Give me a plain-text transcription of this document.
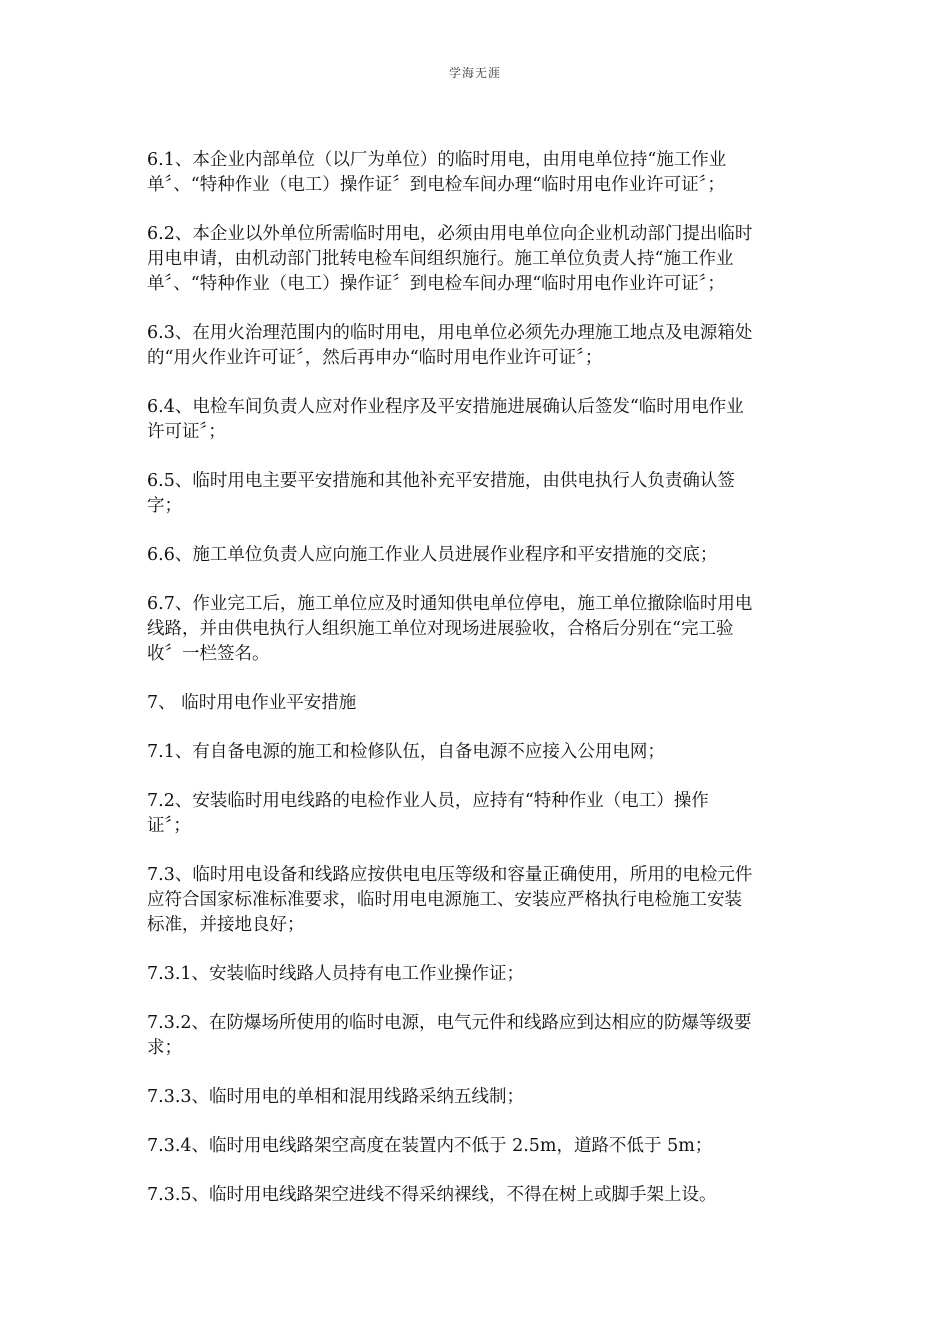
学海无涯

6.1、本企业内部单位（以厂为单位）的临时用电，由用电单位持“施工作业
单〞、“特种作业（电工）操作证〞到电检车间办理“临时用电作业许可证〞；

6.2、本企业以外单位所需临时用电，必须由用电单位向企业机动部门提出临时
用电申请，由机动部门批转电检车间组织施行。施工单位负责人持“施工作业
单〞、“特种作业（电工）操作证〞到电检车间办理“临时用电作业许可证〞；

6.3、在用火治理范围内的临时用电，用电单位必须先办理施工地点及电源箱处
的“用火作业许可证〞，然后再申办“临时用电作业许可证〞；

6.4、电检车间负责人应对作业程序及平安措施进展确认后签发“临时用电作业
许可证〞；

6.5、临时用电主要平安措施和其他补充平安措施，由供电执行人负责确认签
字；

6.6、施工单位负责人应向施工作业人员进展作业程序和平安措施的交底；

6.7、作业完工后，施工单位应及时通知供电单位停电，施工单位撤除临时用电
线路，并由供电执行人组织施工单位对现场进展验收，合格后分别在“完工验
收〞一栏签名。

7、 临时用电作业平安措施

7.1、有自备电源的施工和检修队伍，自备电源不应接入公用电网；

7.2、安装临时用电线路的电检作业人员，应持有“特种作业（电工）操作
证〞；

7.3、临时用电设备和线路应按供电电压等级和容量正确使用，所用的电检元件
应符合国家标准标准要求，临时用电电源施工、安装应严格执行电检施工安装
标准，并接地良好；

7.3.1、安装临时线路人员持有电工作业操作证；

7.3.2、在防爆场所使用的临时电源，电气元件和线路应到达相应的防爆等级要
求；

7.3.3、临时用电的单相和混用线路采纳五线制；

7.3.4、临时用电线路架空高度在装置内不低于 2.5m，道路不低于 5m；

7.3.5、临时用电线路架空进线不得采纳裸线，不得在树上或脚手架上设。
